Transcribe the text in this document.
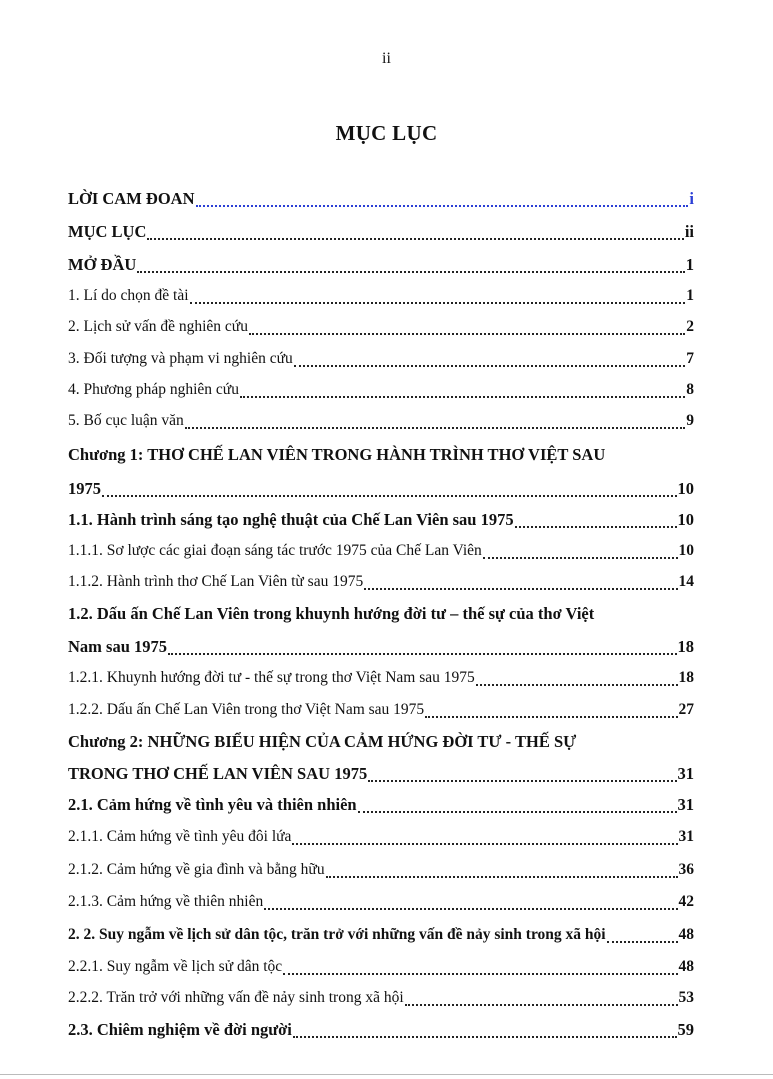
ii
MỤC LỤC
LỜI CAM ĐOAN	i
MỤC LỤC	ii
MỞ ĐẦU	1
1. Lí do chọn đề tài	1
2. Lịch sử vấn đề nghiên cứu	2
3. Đối tượng và phạm vi nghiên cứu	7
4. Phương pháp nghiên cứu	8
5. Bố cục luận văn	9
Chương 1: THƠ CHẾ LAN VIÊN TRONG HÀNH TRÌNH THƠ VIỆT SAU
1975	10
1.1. Hành trình sáng tạo nghệ thuật của Chế Lan Viên sau 1975	10
1.1.1. Sơ lược các giai đoạn sáng tác trước 1975 của Chế Lan Viên	10
1.1.2. Hành trình thơ Chế Lan Viên từ sau 1975	14
1.2. Dấu ấn Chế Lan Viên trong khuynh hướng đời tư – thế sự của thơ Việt
Nam sau 1975	18
1.2.1. Khuynh hướng đời tư - thế sự trong thơ Việt Nam sau 1975	18
1.2.2. Dấu ấn Chế Lan Viên trong thơ Việt Nam sau 1975	27
Chương 2: NHỮNG BIỂU HIỆN CỦA CẢM HỨNG ĐỜI TƯ - THẾ SỰ
TRONG THƠ CHẾ LAN VIÊN SAU 1975	31
2.1. Cảm hứng về tình yêu và thiên nhiên	31
2.1.1. Cảm hứng về tình yêu đôi lứa	31
2.1.2. Cảm hứng về gia đình và bằng hữu	36
2.1.3. Cảm hứng về thiên nhiên	42
2. 2. Suy ngẫm về lịch sử dân tộc, trăn trở với những vấn đề nảy sinh trong xã hội	48
2.2.1. Suy ngẫm về lịch sử dân tộc	48
2.2.2. Trăn trở với những vấn đề nảy sinh trong xã hội	53
2.3. Chiêm nghiệm về đời người	59
